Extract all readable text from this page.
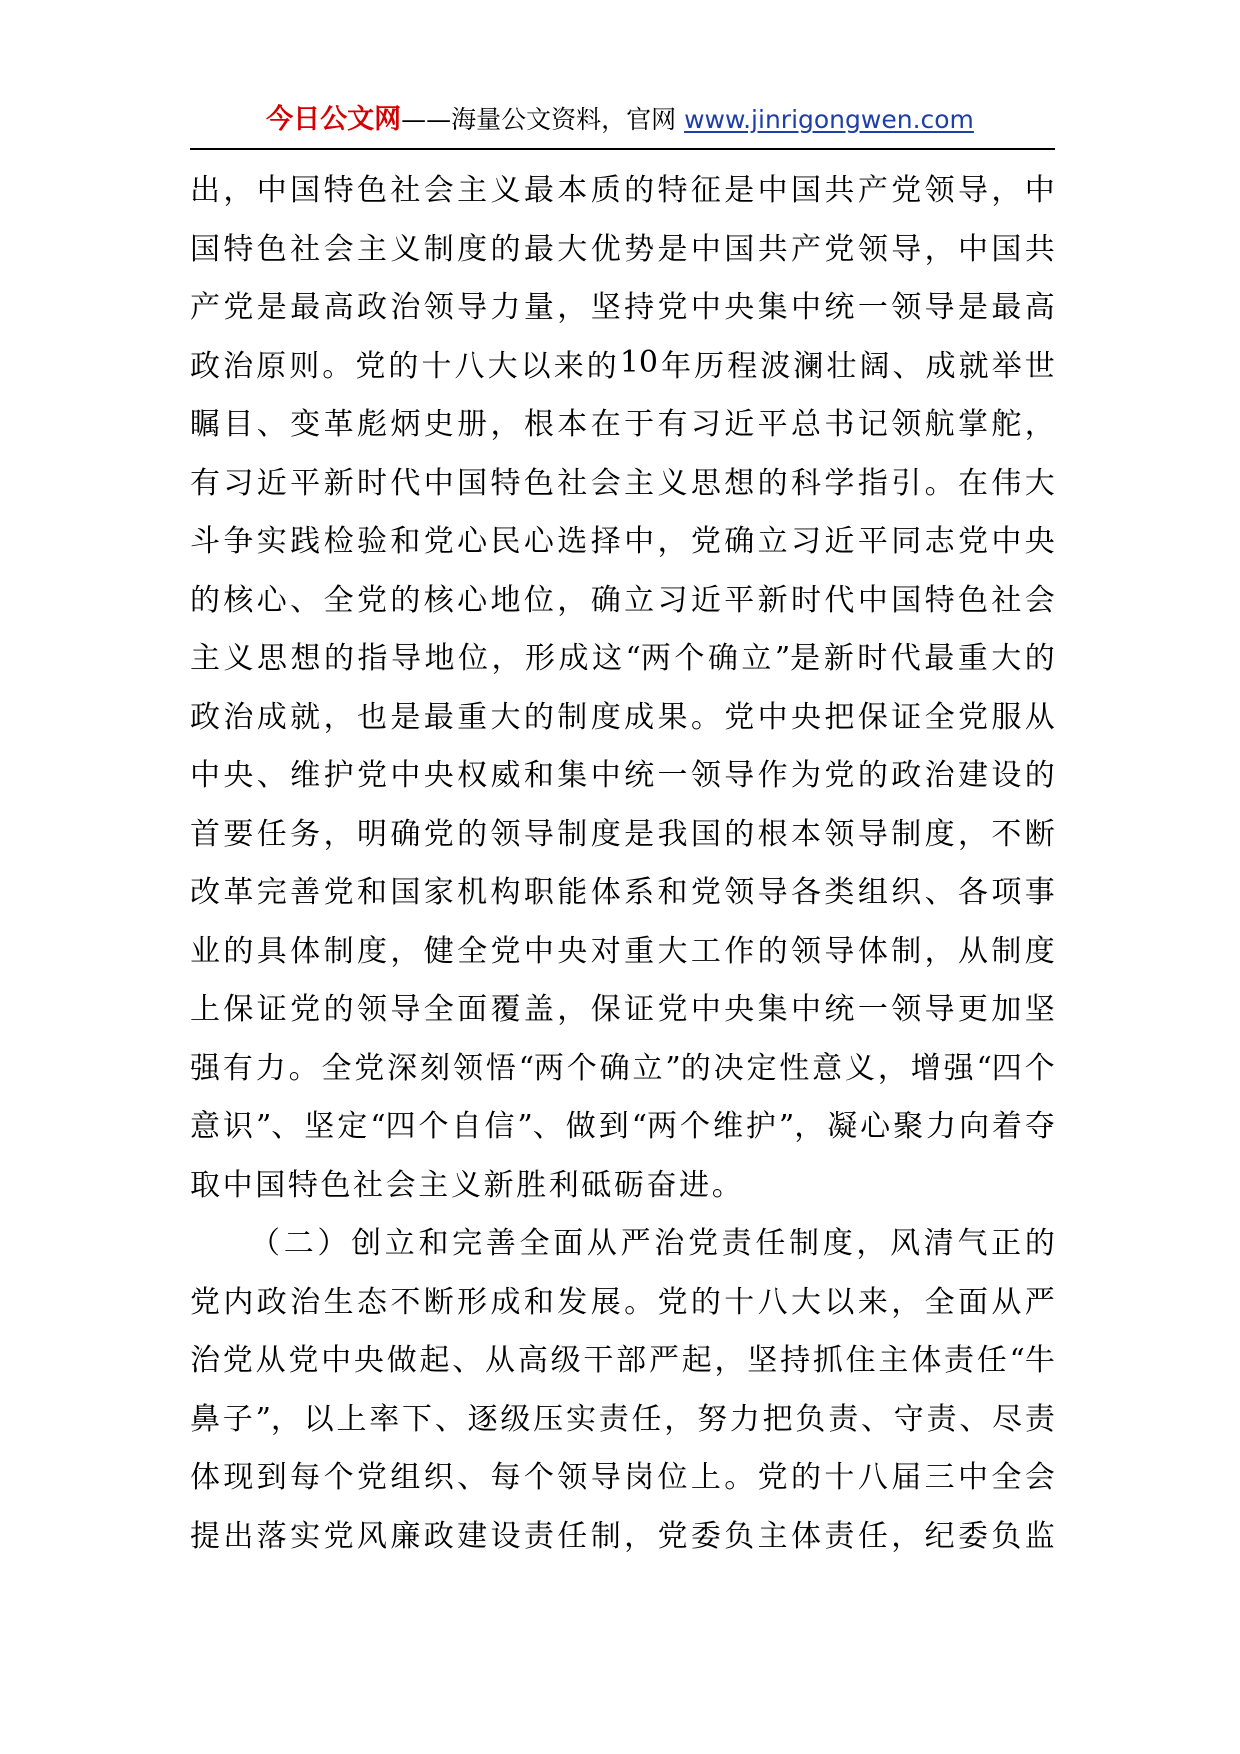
今日公文网——海量公文资料，官网 www.jinrigongwen.com
出 ， 中 国 特 色 社 会 主 义 最 本 质 的 特 征 是 中 国 共 产 党 领 导 ， 中
国 特 色 社 会 主 义 制 度 的 最 大 优 势 是 中 国 共 产 党 领 导 ， 中 国 共
产 党 是 最 高 政 治 领 导 力 量 ， 坚 持 党 中 央 集 中 统 一 领 导 是 最 高
政 治 原 则 。 党 的 十 八 大 以 来 的 10 年 历 程 波 澜 壮 阔 、 成 就 举 世
瞩 目 、 变 革 彪 炳 史 册 ， 根 本 在 于 有 习 近 平 总 书 记 领 航 掌 舵 ，
有 习 近 平 新 时 代 中 国 特 色 社 会 主 义 思 想 的 科 学 指 引 。 在 伟 大
斗 争 实 践 检 验 和 党 心 民 心 选 择 中 ， 党 确 立 习 近 平 同 志 党 中 央
的 核 心 、 全 党 的 核 心 地 位 ， 确 立 习 近 平 新 时 代 中 国 特 色 社 会
主 义 思 想 的 指 导 地 位 ， 形 成 这 “两 个 确 立 ”是 新 时 代 最 重 大 的
政 治 成 就 ， 也 是 最 重 大 的 制 度 成 果 。 党 中 央 把 保 证 全 党 服 从
中 央 、 维 护 党 中 央 权 威 和 集 中 统 一 领 导 作 为 党 的 政 治 建 设 的
首 要 任 务 ， 明 确 党 的 领 导 制 度 是 我 国 的 根 本 领 导 制 度 ， 不 断
改 革 完 善 党 和 国 家 机 构 职 能 体 系 和 党 领 导 各 类 组 织 、 各 项 事
业 的 具 体 制 度 ， 健 全 党 中 央 对 重 大 工 作 的 领 导 体 制 ， 从 制 度
上 保 证 党 的 领 导 全 面 覆 盖 ， 保 证 党 中 央 集 中 统 一 领 导 更 加 坚
强 有 力 。 全 党 深 刻 领 悟 “两 个 确 立 ”的 决 定 性 意 义 ， 增 强 “四 个
意 识 ”、 坚 定 “四 个 自 信 ”、 做 到 “两 个 维 护 ”， 凝 心 聚 力 向 着 夺
取 中 国 特 色 社 会 主 义 新 胜 利 砥 砺 奋 进 。
（ 二 ） 创 立 和 完 善 全 面 从 严 治 党 责 任 制 度 ， 风 清 气 正 的
党 内 政 治 生 态 不 断 形 成 和 发 展 。 党 的 十 八 大 以 来 ， 全 面 从 严
治 党 从 党 中 央 做 起 、 从 高 级 干 部 严 起 ， 坚 持 抓 住 主 体 责 任 “牛
鼻 子 ”， 以 上 率 下 、 逐 级 压 实 责 任 ， 努 力 把 负 责 、 守 责 、 尽 责
体 现 到 每 个 党 组 织 、 每 个 领 导 岗 位 上 。 党 的 十 八 届 三 中 全 会
提 出 落 实 党 风 廉 政 建 设 责 任 制 ， 党 委 负 主 体 责 任 ， 纪 委 负 监
